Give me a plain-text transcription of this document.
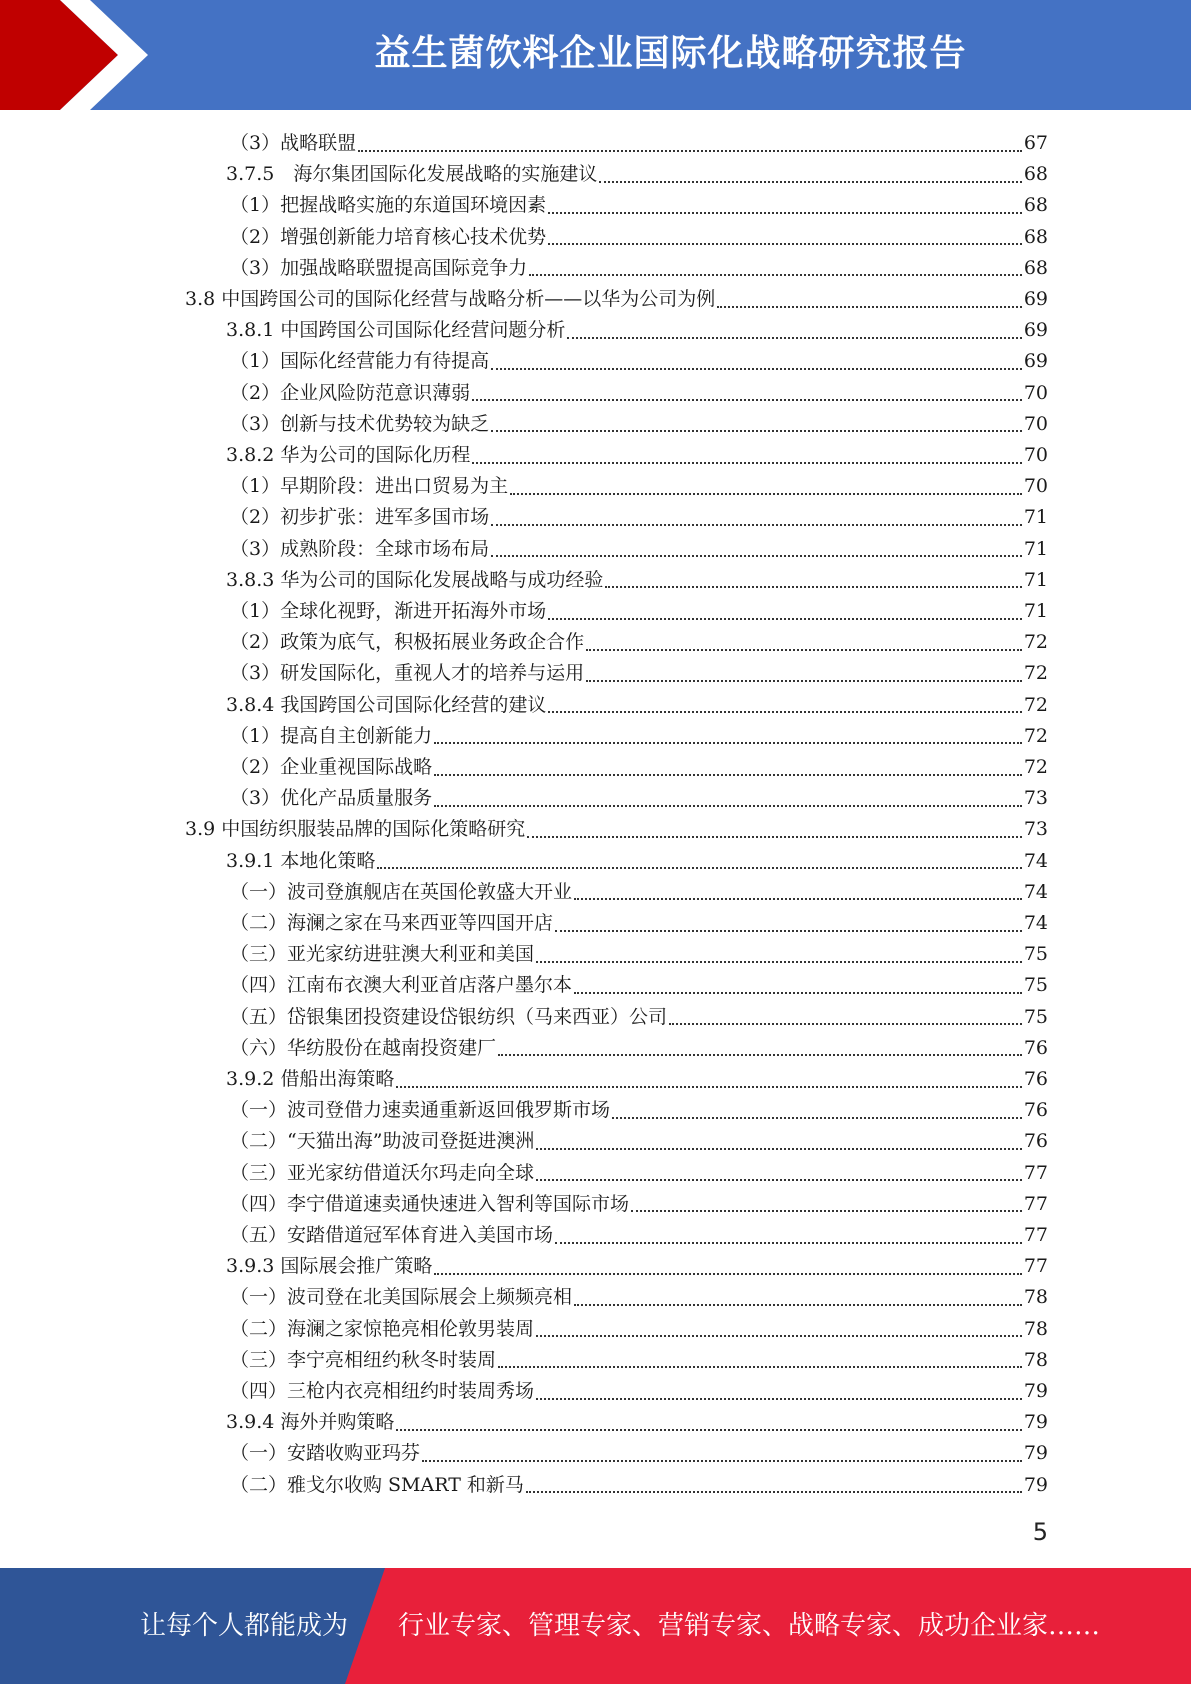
益生菌饮料企业国际化战略研究报告
（3）战略联盟	67
3.7.5　海尔集团国际化发展战略的实施建议	68
（1）把握战略实施的东道国环境因素	68
（2）增强创新能力培育核心技术优势	68
（3）加强战略联盟提高国际竞争力	68
3.8 中国跨国公司的国际化经营与战略分析——以华为公司为例	69
3.8.1 中国跨国公司国际化经营问题分析	69
（1）国际化经营能力有待提高	69
（2）企业风险防范意识薄弱	70
（3）创新与技术优势较为缺乏	70
3.8.2 华为公司的国际化历程	70
（1）早期阶段：进出口贸易为主	70
（2）初步扩张：进军多国市场	71
（3）成熟阶段：全球市场布局	71
3.8.3 华为公司的国际化发展战略与成功经验	71
（1）全球化视野，渐进开拓海外市场	71
（2）政策为底气，积极拓展业务政企合作	72
（3）研发国际化，重视人才的培养与运用	72
3.8.4 我国跨国公司国际化经营的建议	72
（1）提高自主创新能力	72
（2）企业重视国际战略	72
（3）优化产品质量服务	73
3.9 中国纺织服装品牌的国际化策略研究	73
3.9.1 本地化策略	74
（一）波司登旗舰店在英国伦敦盛大开业	74
（二）海澜之家在马来西亚等四国开店	74
（三）亚光家纺进驻澳大利亚和美国	75
（四）江南布衣澳大利亚首店落户墨尔本	75
（五）岱银集团投资建设岱银纺织（马来西亚）公司	75
（六）华纺股份在越南投资建厂	76
3.9.2 借船出海策略	76
（一）波司登借力速卖通重新返回俄罗斯市场	76
（二）“天猫出海”助波司登挺进澳洲	76
（三）亚光家纺借道沃尔玛走向全球	77
（四）李宁借道速卖通快速进入智利等国际市场	77
（五）安踏借道冠军体育进入美国市场	77
3.9.3 国际展会推广策略	77
（一）波司登在北美国际展会上频频亮相	78
（二）海澜之家惊艳亮相伦敦男装周	78
（三）李宁亮相纽约秋冬时装周	78
（四）三枪内衣亮相纽约时装周秀场	79
3.9.4 海外并购策略	79
（一）安踏收购亚玛芬	79
（二）雅戈尔收购 SMART 和新马	79
5
让每个人都能成为 行业专家、管理专家、营销专家、战略专家、成功企业家……
